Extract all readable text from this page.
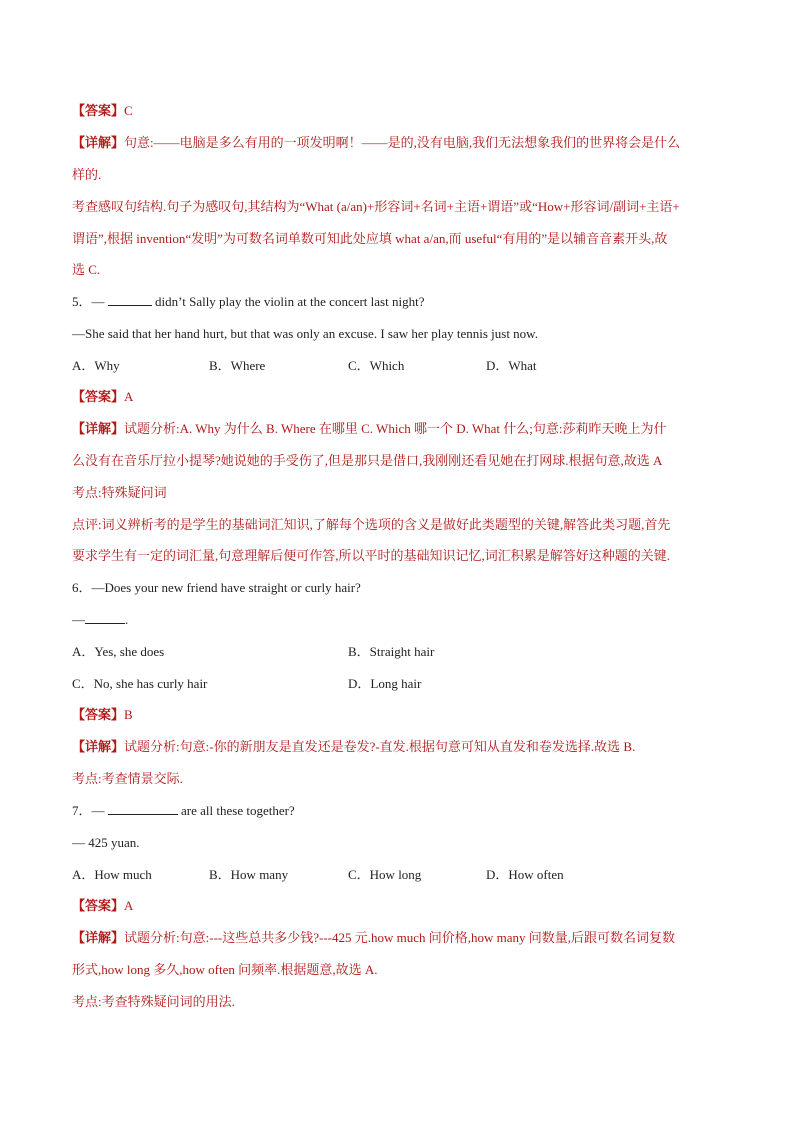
【答案】C
【详解】句意:——电脑是多么有用的一项发明啊！——是的,没有电脑,我们无法想象我们的世界将会是什么
样的.
考查感叹句结构.句子为感叹句,其结构为“What (a/an)+形容词+名词+主语+谓语”或“How+形容词/副词+主语+
谓语”,根据 invention“发明”为可数名词单数可知此处应填 what a/an,而 useful“有用的”是以辅音音素开头,故
选 C.
5．—	didn’t Sally play the violin at the concert last night?
—She said that her hand hurt, but that was only an excuse. I saw her play tennis just now.
A．Why	B．Where	C．Which	D．What
【答案】A
【详解】试题分析:A. Why 为什么 B. Where 在哪里 C. Which 哪一个 D. What 什么;句意:莎莉昨天晚上为什
么没有在音乐厅拉小提琴?她说她的手受伤了,但是那只是借口,我刚刚还看见她在打网球.根据句意,故选 A
考点:特殊疑问词
点评:词义辨析考的是学生的基础词汇知识,了解每个选项的含义是做好此类题型的关键,解答此类习题,首先
要求学生有一定的词汇量,句意理解后便可作答,所以平时的基础知识记忆,词汇积累是解答好这种题的关键.
6．—Does your new friend have straight or curly hair?
—	.
A．Yes, she does	B．Straight hair
C．No, she has curly hair	D．Long hair
【答案】B
【详解】试题分析:句意:-你的新朋友是直发还是卷发?-直发.根据句意可知从直发和卷发选择.故选 B.
考点:考查情景交际.
7．—	are all these together?
— 425 yuan.
A．How much	B．How many	C．How long	D．How often
【答案】A
【详解】试题分析:句意:---这些总共多少钱?---425 元.how much 问价格,how many 问数量,后跟可数名词复数
形式,how long 多久,how often 问频率.根据题意,故选 A.
考点:考查特殊疑问词的用法.
